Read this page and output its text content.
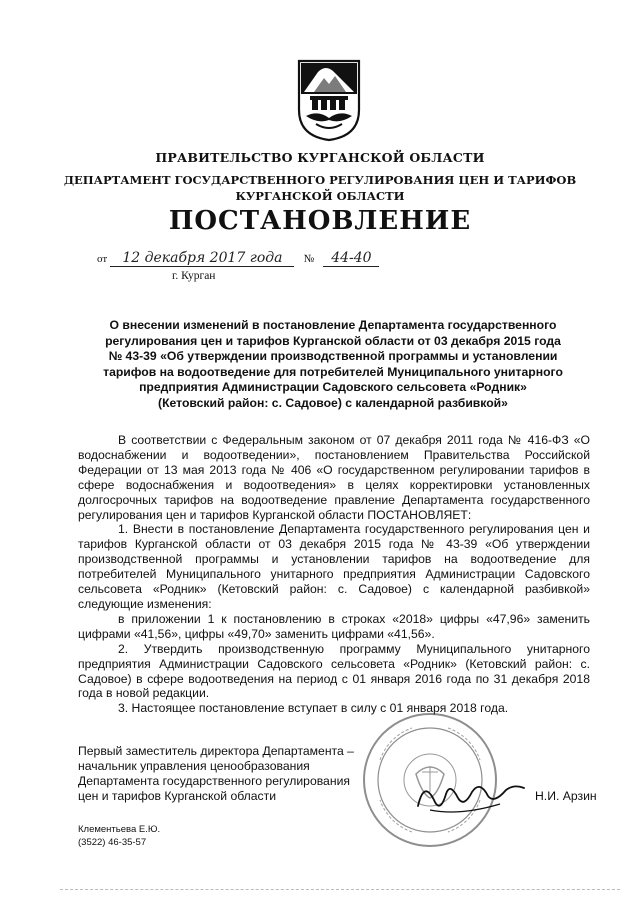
ПРАВИТЕЛЬСТВО КУРГАНСКОЙ ОБЛАСТИ
ДЕПАРТАМЕНТ ГОСУДАРСТВЕННОГО РЕГУЛИРОВАНИЯ ЦЕН И ТАРИФОВ
КУРГАНСКОЙ ОБЛАСТИ
ПОСТАНОВЛЕНИЕ
от 12 декабря 2017 года № 44-40
г. Курган
О внесении изменений в постановление Департамента государственного
регулирования цен и тарифов Курганской области от 03 декабря 2015 года
№ 43-39 «Об утверждении производственной программы и установлении
тарифов на водоотведение для потребителей Муниципального унитарного
предприятия Администрации Садовского сельсовета «Родник»
(Кетовский район: с. Садовое) с календарной разбивкой»

В соответствии с Федеральным законом от 07 декабря 2011 года № 416-ФЗ «О водоснабжении и водоотведении», постановлением Правительства Российской Федерации от 13 мая 2013 года № 406 «О государственном регулировании тарифов в сфере водоснабжения и водоотведения» в целях корректировки установленных долгосрочных тарифов на водоотведение правление Департамента государственного регулирования цен и тарифов Курганской области ПОСТАНОВЛЯЕТ:

1. Внести в постановление Департамента государственного регулирования цен и тарифов Курганской области от 03 декабря 2015 года № 43-39 «Об утверждении производственной программы и установлении тарифов на водоотведение для потребителей Муниципального унитарного предприятия Администрации Садовского сельсовета «Родник» (Кетовский район: с. Садовое) с календарной разбивкой» следующие изменения:

в приложении 1 к постановлению в строках «2018» цифры «47,96» заменить цифрами «41,56», цифры «49,70» заменить цифрами «41,56».

2. Утвердить производственную программу Муниципального унитарного предприятия Администрации Садовского сельсовета «Родник» (Кетовский район: с. Садовое) в сфере водоотведения на период с 01 января 2016 года по 31 декабря 2018 года в новой редакции.

3. Настоящее постановление вступает в силу с 01 января 2018 года.

Первый заместитель директора Департамента –
начальник управления ценообразования
Департамента государственного регулирования
цен и тарифов Курганской области	Н.И. Арзин
Клементьева Е.Ю.
(3522) 46-35-57
